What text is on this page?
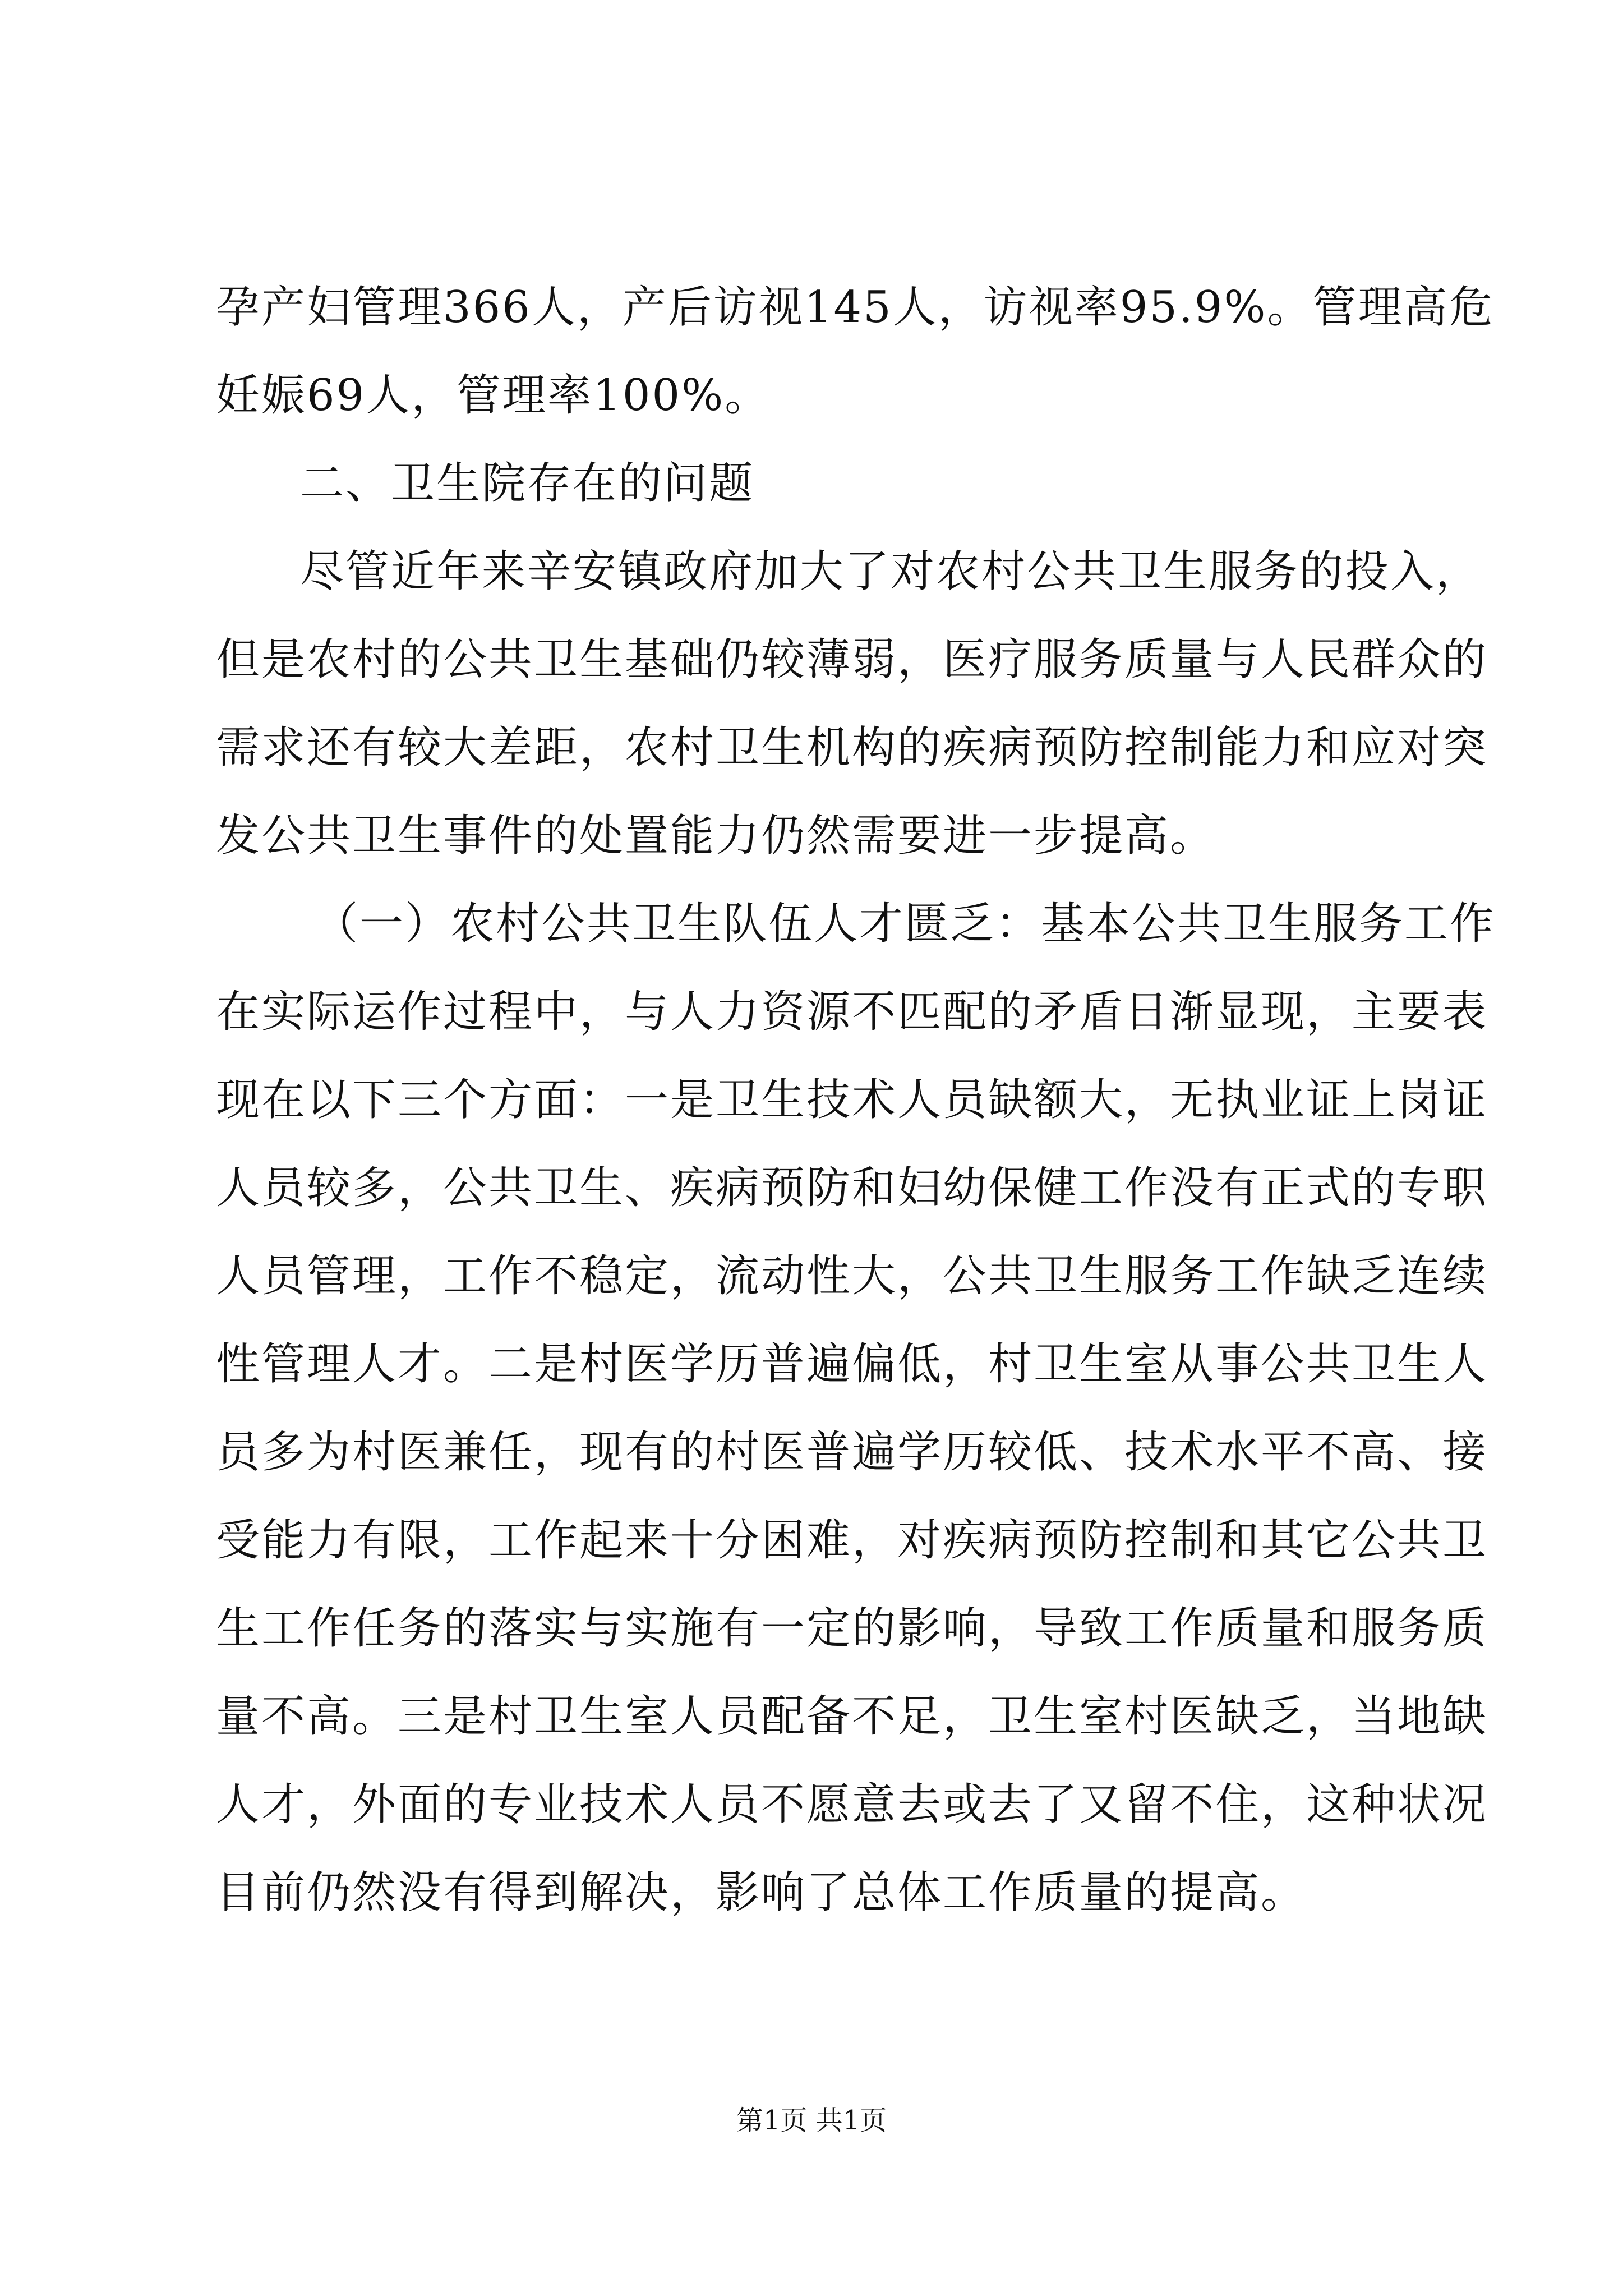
孕产妇管理366人，产后访视145人，访视率95.9%。管理高危
妊娠69人，管理率100%。
二、卫生院存在的问题
尽管近年来辛安镇政府加大了对农村公共卫生服务的投入，
但是农村的公共卫生基础仍较薄弱，医疗服务质量与人民群众的
需求还有较大差距，农村卫生机构的疾病预防控制能力和应对突
发公共卫生事件的处置能力仍然需要进一步提高。
（一）农村公共卫生队伍人才匮乏：基本公共卫生服务工作
在实际运作过程中，与人力资源不匹配的矛盾日渐显现，主要表
现在以下三个方面：一是卫生技术人员缺额大，无执业证上岗证
人员较多，公共卫生、疾病预防和妇幼保健工作没有正式的专职
人员管理，工作不稳定，流动性大，公共卫生服务工作缺乏连续
性管理人才。二是村医学历普遍偏低，村卫生室从事公共卫生人
员多为村医兼任，现有的村医普遍学历较低、技术水平不高、接
受能力有限，工作起来十分困难，对疾病预防控制和其它公共卫
生工作任务的落实与实施有一定的影响，导致工作质量和服务质
量不高。三是村卫生室人员配备不足，卫生室村医缺乏，当地缺
人才，外面的专业技术人员不愿意去或去了又留不住，这种状况
目前仍然没有得到解决，影响了总体工作质量的提高。
第1页 共1页
